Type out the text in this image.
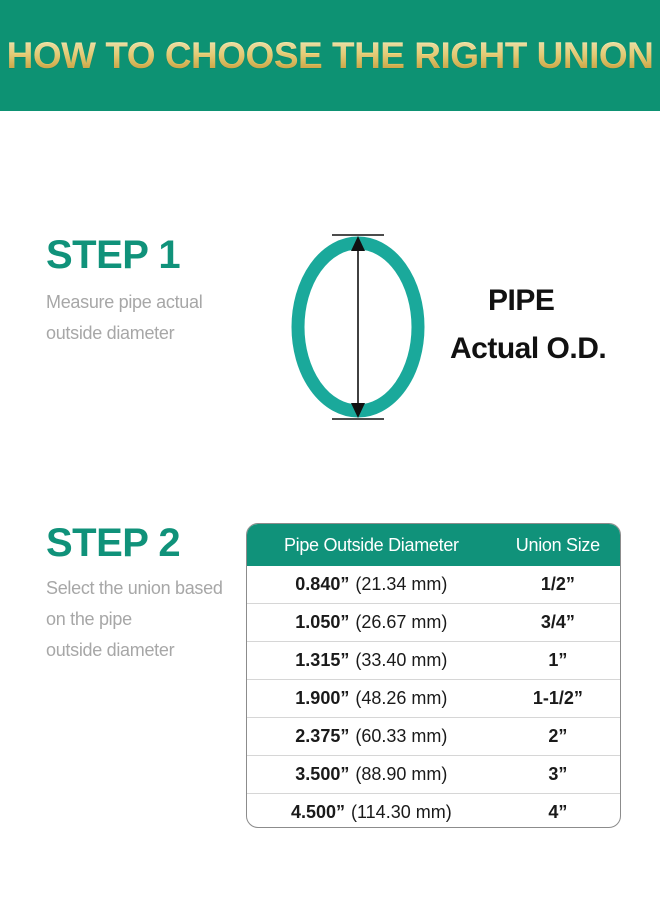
HOW TO CHOOSE THE RIGHT UNION
STEP 1
Measure pipe actual
outside diameter
PIPE
Actual O.D.
STEP 2
Select the union based
on the pipe
outside diameter
Pipe Outside Diameter	Union Size
0.840” (21.34 mm)	1/2”
1.050” (26.67 mm)	3/4”
1.315” (33.40 mm)	1”
1.900” (48.26 mm)	1-1/2”
2.375” (60.33 mm)	2”
3.500” (88.90 mm)	3”
4.500” (114.30 mm)	4”
